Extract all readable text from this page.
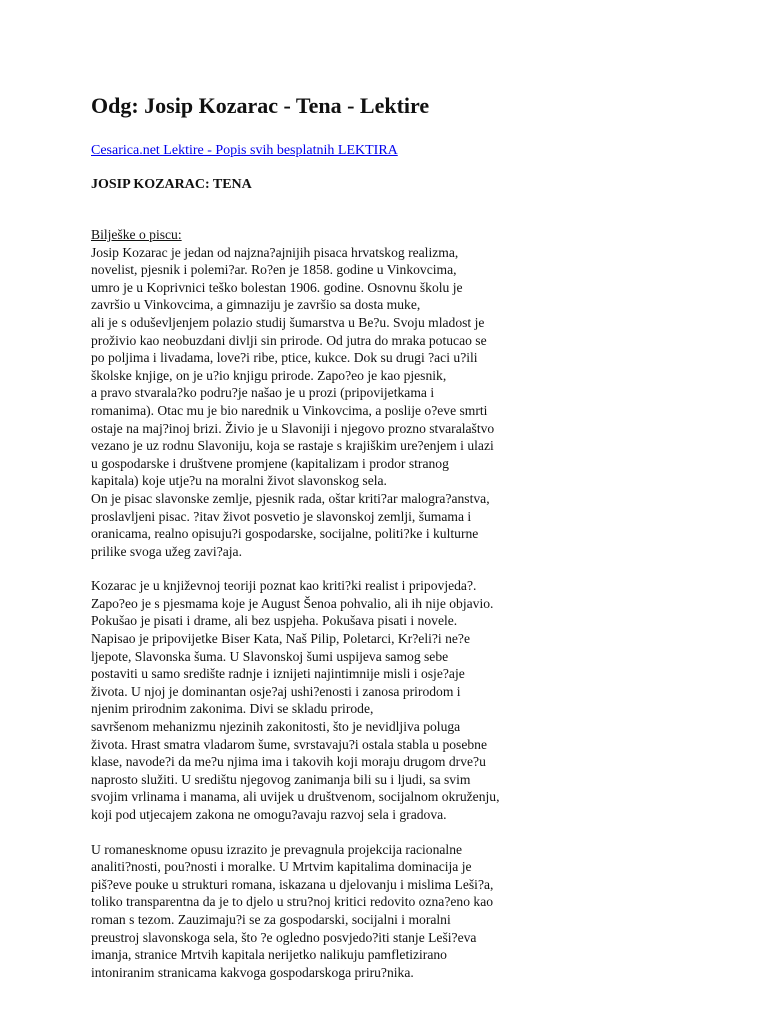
Odg: Josip Kozarac - Tena - Lektire
Cesarica.net Lektire - Popis svih besplatnih LEKTIRA
JOSIP KOZARAC: TENA
Bilješke o piscu:
Josip Kozarac je jedan od najzna?ajnijih pisaca hrvatskog realizma,
novelist, pjesnik i polemi?ar. Ro?en je 1858. godine u Vinkovcima,
umro je u Koprivnici teško bolestan 1906. godine. Osnovnu školu je
završio u Vinkovcima, a gimnaziju je završio sa dosta muke,
ali je s oduševljenjem polazio studij šumarstva u Be?u. Svoju mladost je
proživio kao neobuzdani divlji sin prirode. Od jutra do mraka potucao se
po poljima i livadama, love?i ribe, ptice, kukce. Dok su drugi ?aci u?ili
školske knjige, on je u?io knjigu prirode. Zapo?eo je kao pjesnik,
a pravo stvarala?ko podru?je našao je u prozi (pripovijetkama i
romanima). Otac mu je bio narednik u Vinkovcima, a poslije o?eve smrti
ostaje na maj?inoj brizi. Živio je u Slavoniji i njegovo prozno stvaralaštvo
vezano je uz rodnu Slavoniju, koja se rastaje s krajiškim ure?enjem i ulazi
u gospodarske i društvene promjene (kapitalizam i prodor stranog
kapitala) koje utje?u na moralni život slavonskog sela.
On je pisac slavonske zemlje, pjesnik rada, oštar kriti?ar malogra?anstva,
proslavljeni pisac. ?itav život posvetio je slavonskoj zemlji, šumama i
oranicama, realno opisuju?i gospodarske, socijalne, politi?ke i kulturne
prilike svoga užeg zavi?aja.
Kozarac je u književnoj teoriji poznat kao kriti?ki realist i pripovjeda?.
Zapo?eo je s pjesmama koje je August Šenoa pohvalio, ali ih nije objavio.
Pokušao je pisati i drame, ali bez uspjeha. Pokušava pisati i novele.
Napisao je pripovijetke Biser Kata, Naš Pilip, Poletarci, Kr?eli?i ne?e
ljepote, Slavonska šuma. U Slavonskoj šumi uspijeva samog sebe
postaviti u samo središte radnje i iznijeti najintimnije misli i osje?aje
života. U njoj je dominantan osje?aj ushi?enosti i zanosa prirodom i
njenim prirodnim zakonima. Divi se skladu prirode,
savršenom mehanizmu njezinih zakonitosti, što je nevidljiva poluga
života. Hrast smatra vladarom šume, svrstavaju?i ostala stabla u posebne
klase, navode?i da me?u njima ima i takovih koji moraju drugom drve?u
naprosto služiti. U središtu njegovog zanimanja bili su i ljudi, sa svim
svojim vrlinama i manama, ali uvijek u društvenom, socijalnom okruženju,
koji pod utjecajem zakona ne omogu?avaju razvoj sela i gradova.
U romanesknome opusu izrazito je prevagnula projekcija racionalne
analiti?nosti, pou?nosti i moralke. U Mrtvim kapitalima dominacija je
piš?eve pouke u strukturi romana, iskazana u djelovanju i mislima Leši?a,
toliko transparentna da je to djelo u stru?noj kritici redovito ozna?eno kao
roman s tezom. Zauzimaju?i se za gospodarski, socijalni i moralni
preustroj slavonskoga sela, što ?e ogledno posvjedo?iti stanje Leši?eva
imanja, stranice Mrtvih kapitala nerijetko nalikuju pamfletizirano
intoniranim stranicama kakvoga gospodarskoga priru?nika.
